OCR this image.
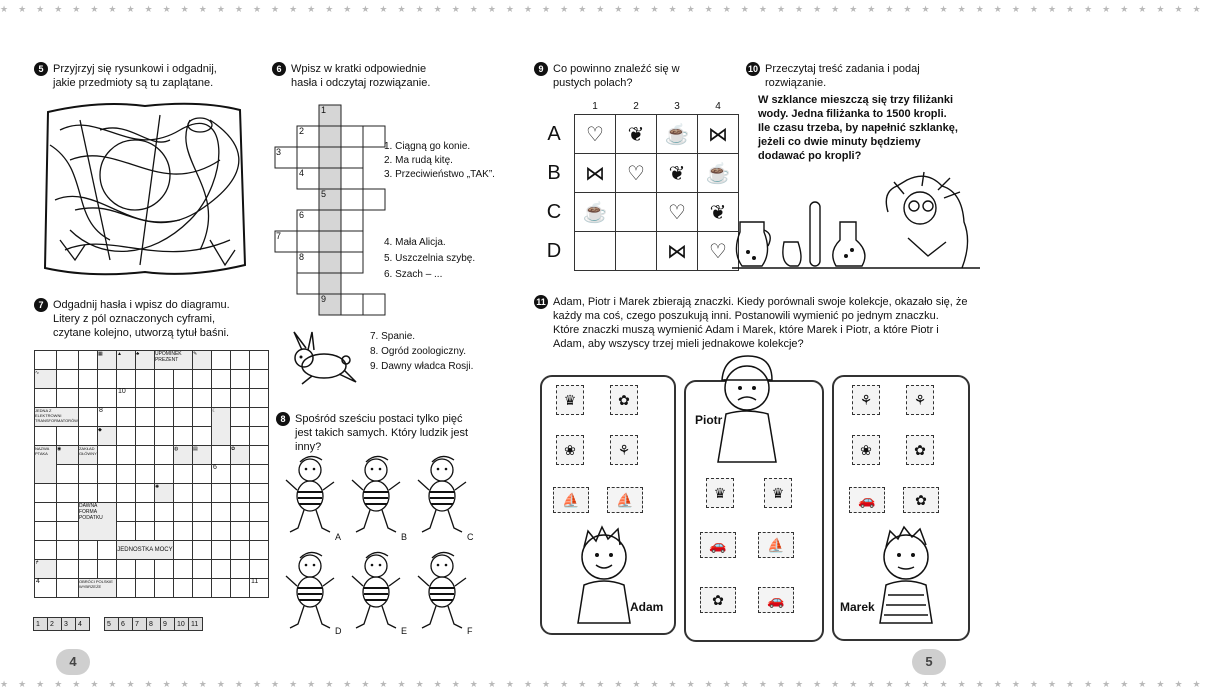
★★★★★★★★★★★★★★★★★★★★★★★★★★★★★★★★★★★★★★★★★★★★★★★★★★★★★★★★★★★★★★★★★★★
★★★★★★★★★★★★★★★★★★★★★★★★★★★★★★★★★★★★★★★★★★★★★★★★★★★★★★★★★★★★★★★★★★★
5 Przyjrzyj się rysunkowi i odgadnij, jakie przedmioty są tu zaplątane.
6 Wpisz w kratki odpowiednie hasła i odczytaj rozwiązanie.
1
2
3
4
5
6
7
8
9
1. Ciągną go konie.
2. Ma rudą kitę.
3. Przeciwieństwo „TAK”.
4. Mała Alicja.
5. Uszczelnia szybę.
6. Szach – ...
7. Spanie.
8. Ogród zoologiczny.
9. Dawny władca Rosji.
7 Odgadnij hasła i wpisz do diagramu. Litery z pól oznaczonych cyframi, czytane kolejno, utworzą tytuł baśni.
			▦	▲	♣	UPOMINEK PREZENT		✎			
∿											
				10							
JEDNA Z ELEKTROWNI TRANSFORMATORÓW			8						☾		
			◆								
NAZWA PTAKA	◉	ZAKŁAD GŁÓWNY					◍	▤		✿	
									6		
						✺					
		DAWNA FORMA PODATKU									

				JEDNOSTKA MOCY							
↱											
4		OBRÓCI POLSKIE WYBRZEŻE									11
1	2	3	4	5	6	7	8	9	10 11
8 Spośród sześciu postaci tylko pięć jest takich samych. Który ludzik jest inny?
A	B	C
D	E	F
4
9 Co powinno znaleźć się w pustych polach?
	1	2	3	4
A	♡	❦	☕	⋈
B	⋈	♡	❦	☕
C	☕		♡	❦
D			⋈	♡
10 Przeczytaj treść zadania i podaj rozwiązanie.
W szklance mieszczą się trzy filiżanki wody. Jedna filiżanka to 1500 kropli. Ile czasu trzeba, by napełnić szklankę, jeżeli co dwie minuty będziemy dodawać po kropli?
11 Adam, Piotr i Marek zbierają znaczki. Kiedy porównali swoje kolekcje, okazało się, że każdy ma coś, czego poszukują inni. Postanowili wymienić po jednym znaczku. Które znaczki muszą wymienić Adam i Marek, które Marek i Piotr, a które Piotr i Adam, aby wszyscy trzej mieli jednakowe kolekcje?
♛	✿
❀	⚘
⛵	⛵
Adam
Piotr
♛	♛
🚗	⛵
✿	🚗
⚘	⚘
❀	✿
🚗	✿
Marek
5
